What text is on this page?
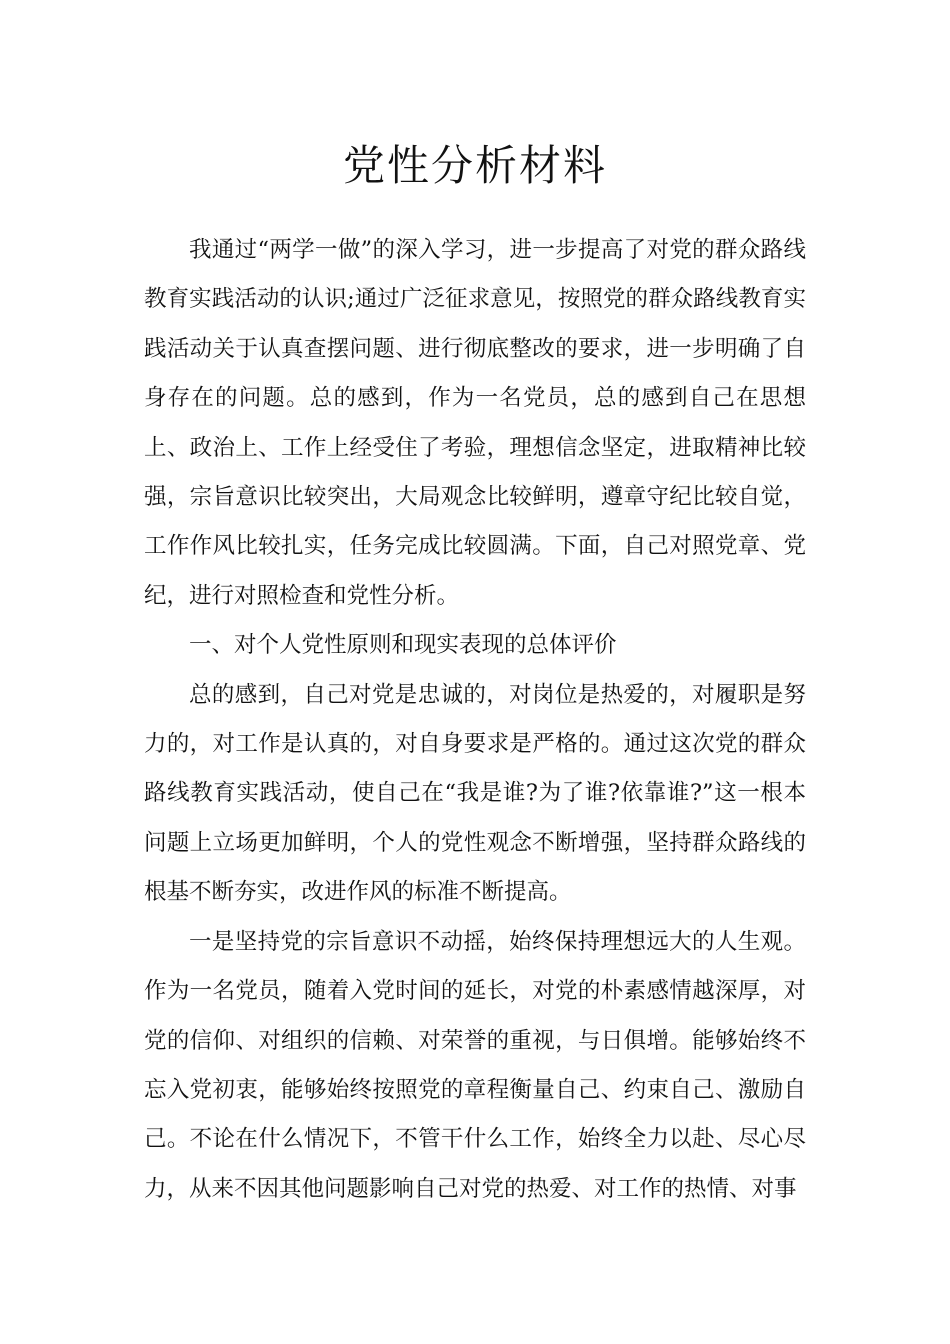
党性分析材料

我通过“两学一做”的深入学习，进一步提高了对党的群众路线教育实践活动的认识;通过广泛征求意见，按照党的群众路线教育实践活动关于认真查摆问题、进行彻底整改的要求，进一步明确了自身存在的问题。总的感到，作为一名党员，总的感到自己在思想上、政治上、工作上经受住了考验，理想信念坚定，进取精神比较强，宗旨意识比较突出，大局观念比较鲜明，遵章守纪比较自觉，工作作风比较扎实，任务完成比较圆满。下面，自己对照党章、党纪，进行对照检查和党性分析。

一、对个人党性原则和现实表现的总体评价

总的感到，自己对党是忠诚的，对岗位是热爱的，对履职是努力的，对工作是认真的，对自身要求是严格的。通过这次党的群众路线教育实践活动，使自己在“我是谁?为了谁?依靠谁?”这一根本问题上立场更加鲜明，个人的党性观念不断增强，坚持群众路线的根基不断夯实，改进作风的标准不断提高。

一是坚持党的宗旨意识不动摇，始终保持理想远大的人生观。作为一名党员，随着入党时间的延长，对党的朴素感情越深厚，对党的信仰、对组织的信赖、对荣誉的重视，与日俱增。能够始终不忘入党初衷，能够始终按照党的章程衡量自己、约束自己、激励自己。不论在什么情况下，不管干什么工作，始终全力以赴、尽心尽力，从来不因其他问题影响自己对党的热爱、对工作的热情、对事
